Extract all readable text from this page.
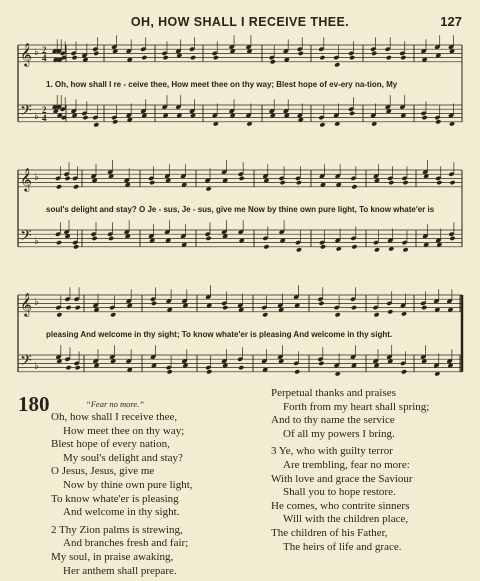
OH, HOW SHALL I RECEIVE THEE.	127
𝄞
𝄢
♭
♭
2
4
2
4
𝄞
𝄢
♭
♭
𝄞
𝄢
♭
♭
1. Oh, how shall I re - ceive thee, How meet thee on thy way; Blest hope of ev-ery na-tion, My
soul's delight and stay? O Je - sus, Je - sus, give me Now by thine own pure light, To know whate'er is
pleasing And welcome in thy sight; To know whate'er is pleasing And welcome in thy sight.
180	“Fear no more.”
Oh, how shall I receive thee,
How meet thee on thy way;
Blest hope of every nation,
My soul's delight and stay?
O Jesus, Jesus, give me
Now by thine own pure light,
To know whate'er is pleasing
And welcome in thy sight.
2 Thy Zion palms is strewing,
And branches fresh and fair;
My soul, in praise awaking,
Her anthem shall prepare.
Perpetual thanks and praises
Forth from my heart shall spring;
And to thy name the service
Of all my powers I bring.
3 Ye, who with guilty terror
Are trembling, fear no more:
With love and grace the Saviour
Shall you to hope restore.
He comes, who contrite sinners
Will with the children place,
The children of his Father,
The heirs of life and grace.
